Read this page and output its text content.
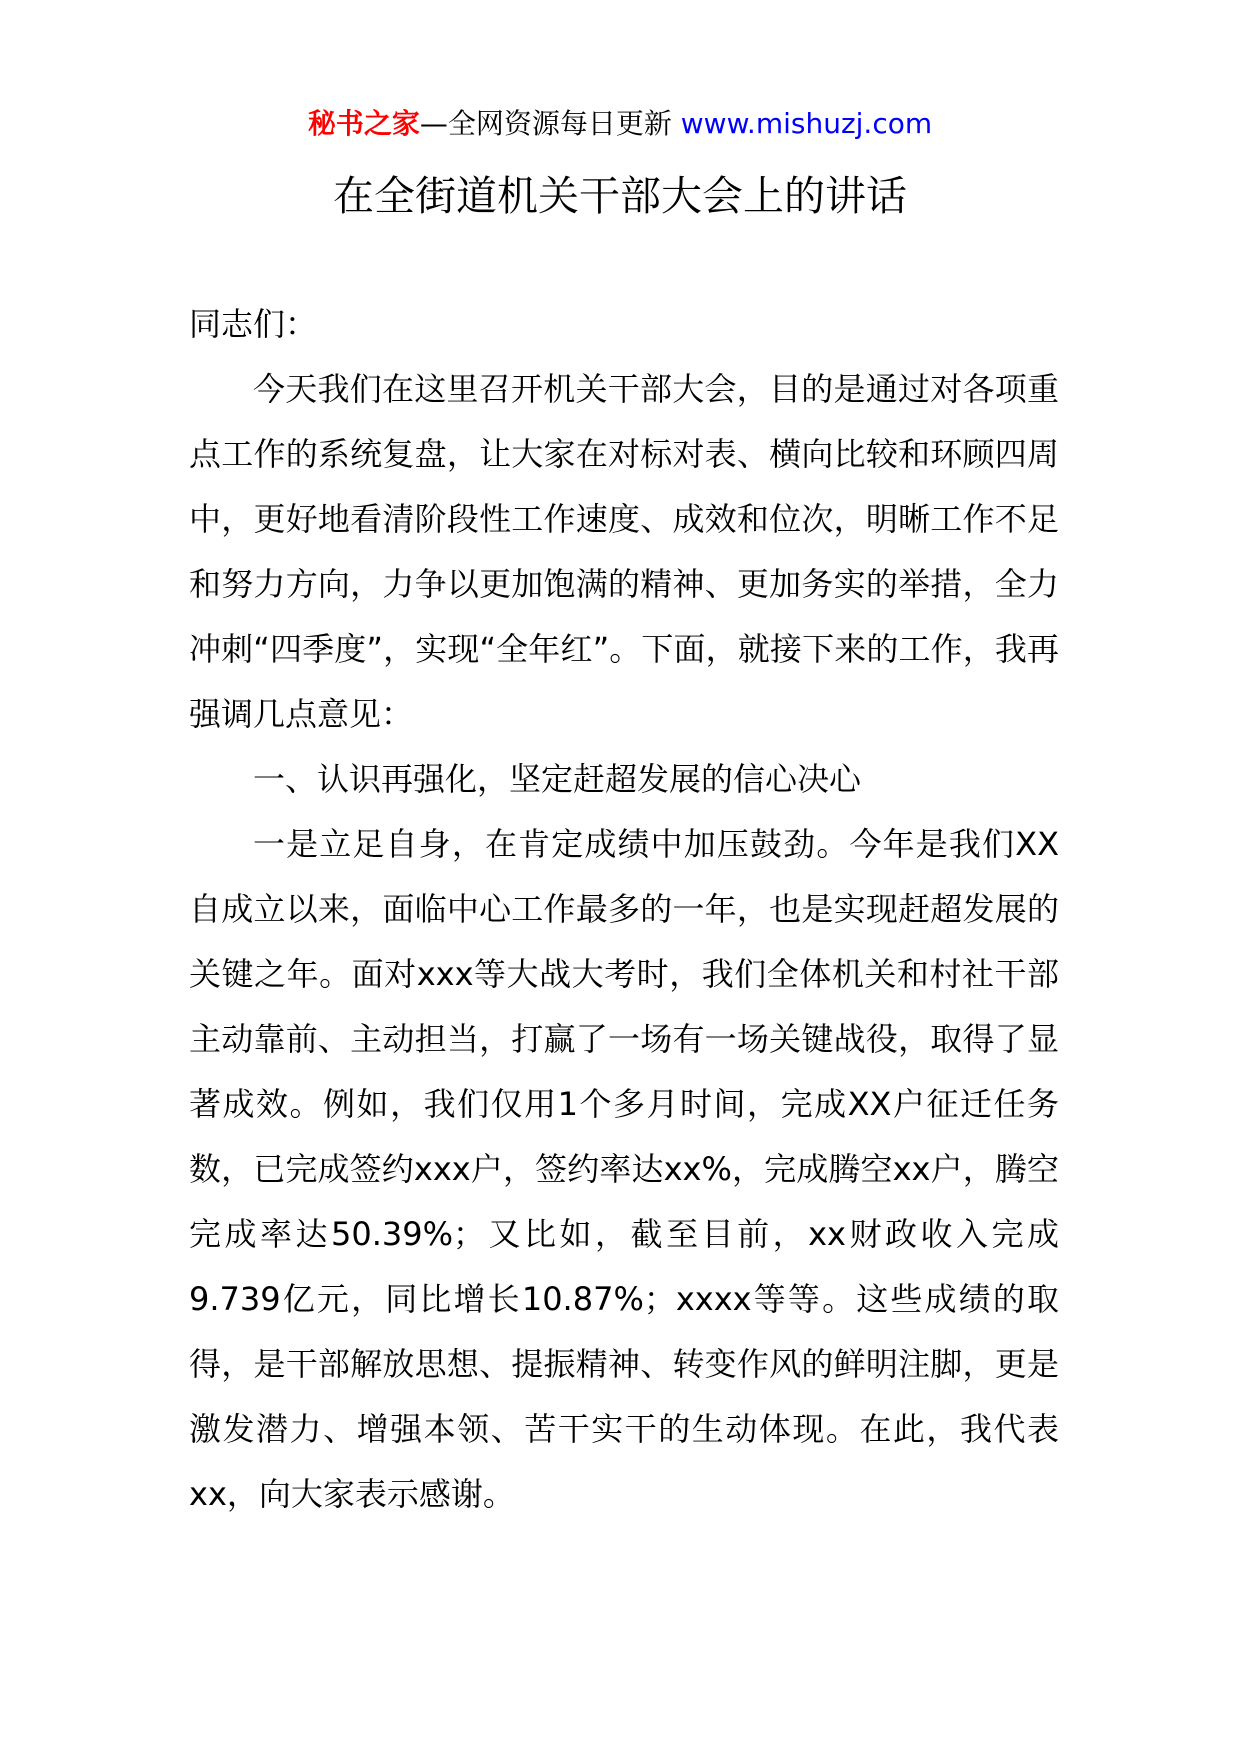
秘书之家—全网资源每日更新 www.mishuzj.com
在全街道机关干部大会上的讲话

同志们：

今天我们在这里召开机关干部大会，目的是通过对各项重点工作的系统复盘，让大家在对标对表、横向比较和环顾四周中，更好地看清阶段性工作速度、成效和位次，明晰工作不足和努力方向，力争以更加饱满的精神、更加务实的举措，全力冲刺“四季度”，实现“全年红”。下面，就接下来的工作，我再强调几点意见：

一、认识再强化，坚定赶超发展的信心决心

一是立足自身，在肯定成绩中加压鼓劲。今年是我们XX自成立以来，面临中心工作最多的一年，也是实现赶超发展的关键之年。面对xxx等大战大考时，我们全体机关和村社干部主动靠前、主动担当，打赢了一场有一场关键战役，取得了显著成效。例如，我们仅用1个多月时间，完成XX户征迁任务数，已完成签约xxx户，签约率达xx%，完成腾空xx户，腾空完成率达50.39%；又比如，截至目前，xx财政收入完成9.739亿元，同比增长10.87%；xxxx等等。这些成绩的取得，是干部解放思想、提振精神、转变作风的鲜明注脚，更是激发潜力、增强本领、苦干实干的生动体现。在此，我代表xx，向大家表示感谢。
